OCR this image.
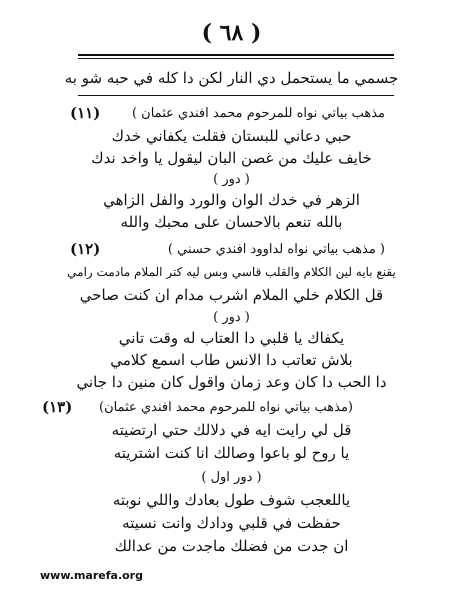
( ٦٨ )
جسمي ما يستحمل دي النار لكن دا كله في حبه شو به
(١١) مذهب بياتي نواه للمرحوم محمد افندي عثمان )
حبي دعاني للبستان فقلت يكفاني خدك
خايف عليك من غصن البان ليقول يا واخد ندك
( دور )
الزهر في خدك الوان والورد والفل الزاهي
بالله تنعم بالاحسان على محبك والله
(١٢)	( مذهب بياتي نواه لداوود افندي حسني )
يقنع بايه لين الكلام والقلب قاسي وبس ليه كتر الملام مادمت رامي
قل الكلام خلي الملام اشرب مدام ان كنت صاحي
( دور )
يكفاك يا قلبي دا العتاب له وقت تاني
بلاش تعاتب دا الانس طاب اسمع كلامي
دا الحب دا كان وعد زمان واقول كان منين دا جاني
(١٣) (مذهب بياتي نواه للمرحوم محمد افندي عثمان)
قل لي رايت ايه في دلالك حتي ارتضيته
يا روح لو باعوا وصالك انا كنت اشتريته
( دور اول )
ياللعجب شوف طول بعادك واللي نوبته
حفظت في قلبي ودادك وانت نسيته
ان جدت من فضلك ماجدت من عدالك
www.marefa.org
